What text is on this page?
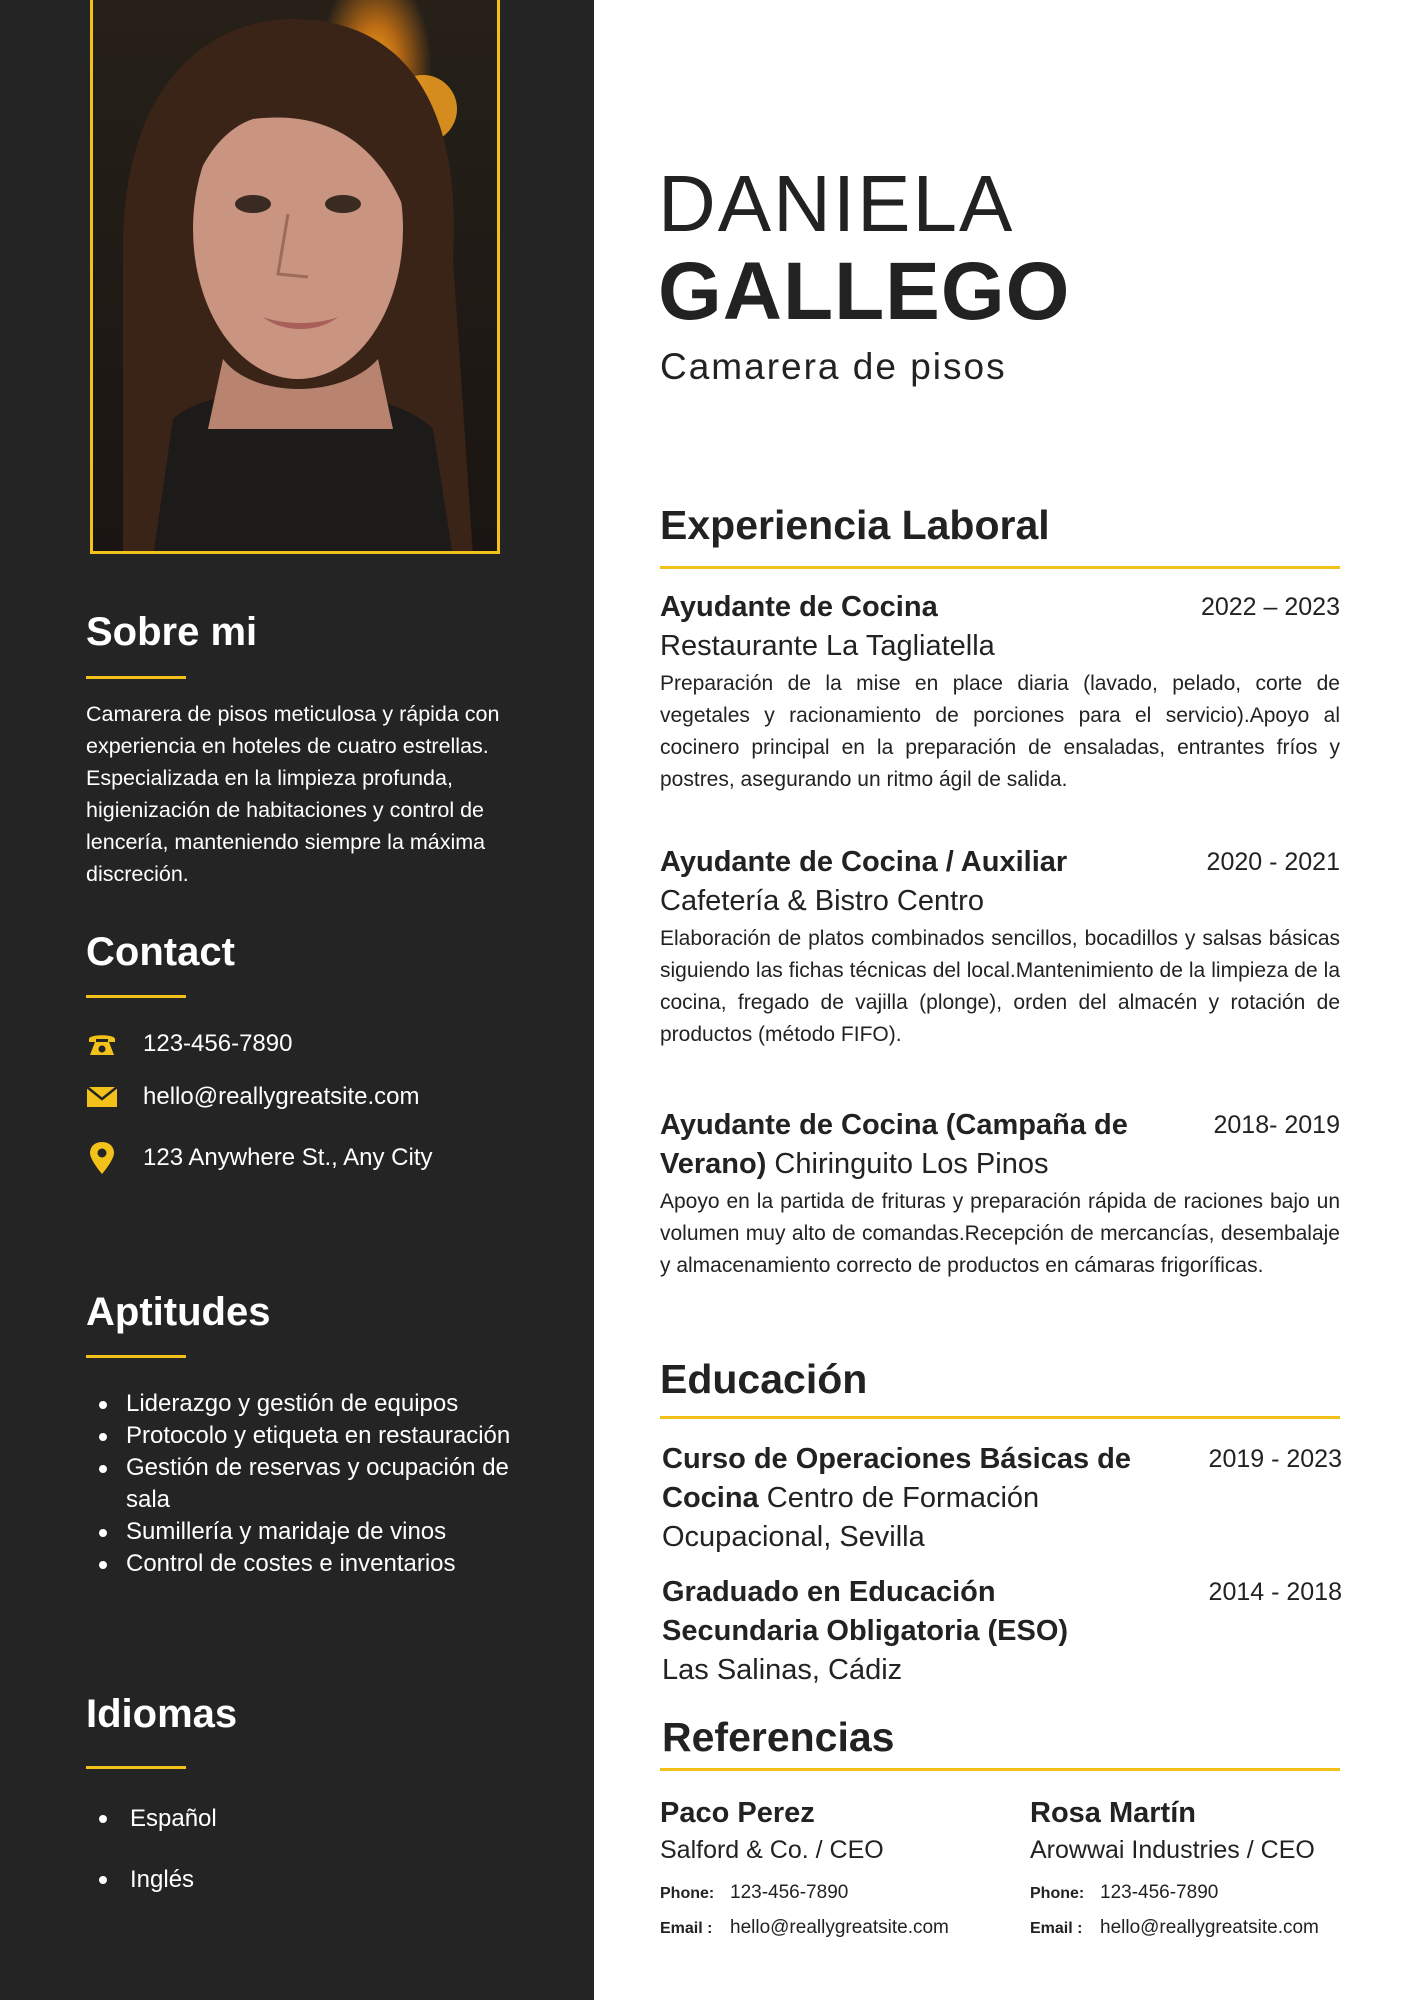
Sobre mi

Camarera de pisos meticulosa y rápida con experiencia en hoteles de cuatro estrellas. Especializada en la limpieza profunda, higienización de habitaciones y control de lencería, manteniendo siempre la máxima discreción.

Contact
123-456-7890
hello@reallygreatsite.com
123 Anywhere St., Any City
Aptitudes
Liderazgo y gestión de equipos
Protocolo y etiqueta en restauración
Gestión de reservas y ocupación de sala
Sumillería y maridaje de vinos
Control de costes e inventarios
Idiomas
Español
Inglés
DANIELA
GALLEGO
Camarera de pisos
Experiencia Laboral
Ayudante de Cocina	2022 – 2023
Restaurante La Tagliatella

Preparación de la mise en place diaria (lavado, pelado, corte de vegetales y racionamiento de porciones para el servicio).Apoyo al cocinero principal en la preparación de ensaladas, entrantes fríos y postres, asegurando un ritmo ágil de salida.

Ayudante de Cocina / Auxiliar	2020 - 2021
Cafetería & Bistro Centro

Elaboración de platos combinados sencillos, bocadillos y salsas básicas siguiendo las fichas técnicas del local.Mantenimiento de la limpieza de la cocina, fregado de vajilla (plonge), orden del almacén y rotación de productos (método FIFO).

Ayudante de Cocina (Campaña de Verano) Chiringuito Los Pinos
2018- 2019

Apoyo en la partida de frituras y preparación rápida de raciones bajo un volumen muy alto de comandas.Recepción de mercancías, desembalaje y almacenamiento correcto de productos en cámaras frigoríficas.

Educación
Curso de Operaciones Básicas de Cocina Centro de Formación Ocupacional, Sevilla
2019 - 2023
Graduado en Educación Secundaria Obligatoria (ESO)
2014 - 2018
Las Salinas, Cádiz
Referencias
Paco Perez
Salford & Co. / CEO
Phone: 123-456-7890
Email : hello@reallygreatsite.com
Rosa Martín
Arowwai Industries / CEO
Phone: 123-456-7890
Email : hello@reallygreatsite.com
